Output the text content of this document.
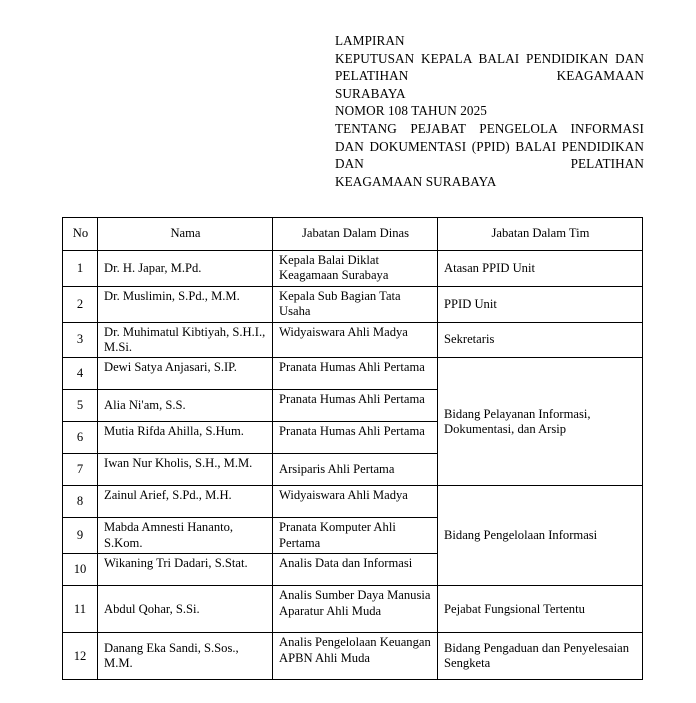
LAMPIRAN
KEPUTUSAN KEPALA BALAI PENDIDIKAN DAN PELATIHAN KEAGAMAAN
SURABAYA
NOMOR 108 TAHUN 2025
TENTANG PEJABAT PENGELOLA INFORMASI DAN DOKUMENTASI (PPID) BALAI PENDIDIKAN DAN PELATIHAN
KEAGAMAAN SURABAYA
No	Nama	Jabatan Dalam Dinas	Jabatan Dalam Tim
1	Dr. H. Japar, M.Pd.	Kepala Balai Diklat Keagamaan Surabaya	Atasan PPID Unit
2	Dr. Muslimin, S.Pd., M.M.	Kepala Sub Bagian Tata Usaha	PPID Unit
3	Dr. Muhimatul Kibtiyah, S.H.I., M.Si.	Widyaiswara Ahli Madya	Sekretaris
4	Dewi Satya Anjasari, S.IP.	Pranata Humas Ahli Pertama	Bidang Pelayanan Informasi, Dokumentasi, dan Arsip
5	Alia Ni'am, S.S.	Pranata Humas Ahli Pertama	
6	Mutia Rifda Ahilla, S.Hum.	Pranata Humas Ahli Pertama	
7	Iwan Nur Kholis, S.H., M.M.	Arsiparis Ahli Pertama	
8	Zainul Arief, S.Pd., M.H.	Widyaiswara Ahli Madya	Bidang Pengelolaan Informasi
9	Mabda Amnesti Hananto, S.Kom.	Pranata Komputer Ahli Pertama	
10	Wikaning Tri Dadari, S.Stat.	Analis Data dan Informasi	
11	Abdul Qohar, S.Si.	Analis Sumber Daya Manusia Aparatur Ahli Muda	Pejabat Fungsional Tertentu
12	Danang Eka Sandi, S.Sos., M.M.	Analis Pengelolaan Keuangan APBN Ahli Muda	Bidang Pengaduan dan Penyelesaian Sengketa
